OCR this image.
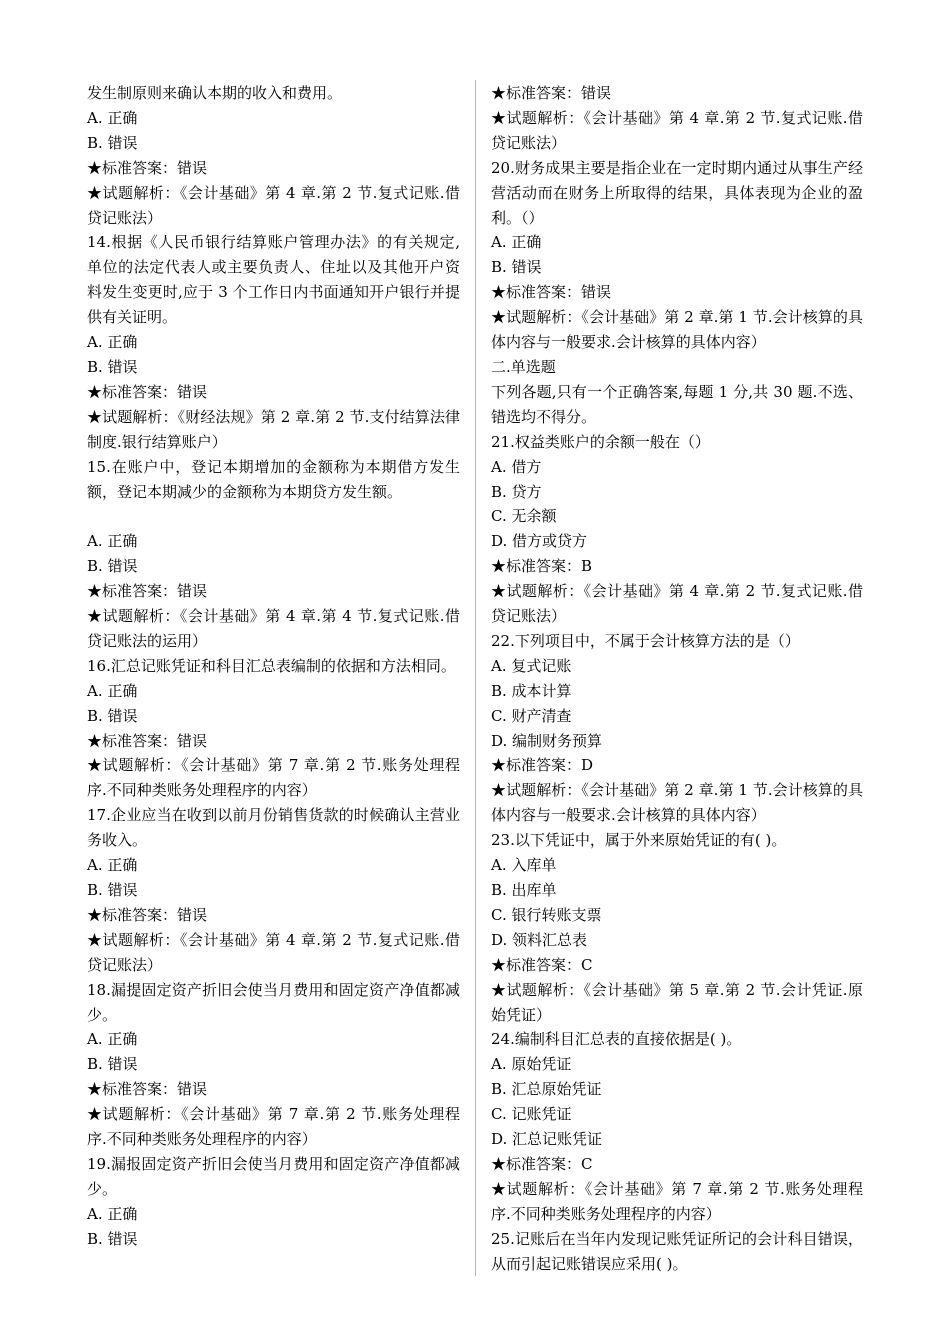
发生制原则来确认本期的收入和费用。
A. 正确
B. 错误
★标准答案：错误
★试题解析：《会计基础》第 4 章.第 2 节.复式记账.借贷记账法）
14.根据《人民币银行结算账户管理办法》的有关规定,单位的法定代表人或主要负责人、住址以及其他开户资料发生变更时,应于 3 个工作日内书面通知开户银行并提供有关证明。
A. 正确
B. 错误
★标准答案：错误
★试题解析：《财经法规》第 2 章.第 2 节.支付结算法律制度.银行结算账户）
15.在账户中，登记本期增加的金额称为本期借方发生额，登记本期减少的金额称为本期贷方发生额。
A. 正确
B. 错误
★标准答案：错误
★试题解析：《会计基础》第 4 章.第 4 节.复式记账.借贷记账法的运用）
16.汇总记账凭证和科目汇总表编制的依据和方法相同。
A. 正确
B. 错误
★标准答案：错误
★试题解析：《会计基础》第 7 章.第 2 节.账务处理程序.不同种类账务处理程序的内容）
17.企业应当在收到以前月份销售货款的时候确认主营业务收入。
A. 正确
B. 错误
★标准答案：错误
★试题解析：《会计基础》第 4 章.第 2 节.复式记账.借贷记账法）
18.漏提固定资产折旧会使当月费用和固定资产净值都减少。
A. 正确
B. 错误
★标准答案：错误
★试题解析：《会计基础》第 7 章.第 2 节.账务处理程序.不同种类账务处理程序的内容）
19.漏报固定资产折旧会使当月费用和固定资产净值都减少。
A. 正确
B. 错误
★标准答案：错误
★试题解析：《会计基础》第 4 章.第 2 节.复式记账.借贷记账法）
20.财务成果主要是指企业在一定时期内通过从事生产经营活动而在财务上所取得的结果，具体表现为企业的盈利。（）
A. 正确
B. 错误
★标准答案：错误
★试题解析：《会计基础》第 2 章.第 1 节.会计核算的具体内容与一般要求.会计核算的具体内容）
二.单选题
下列各题,只有一个正确答案,每题 1 分,共 30 题.不选、错选均不得分。
21.权益类账户的余额一般在（）
A. 借方
B. 贷方
C. 无余额
D. 借方或贷方
★标准答案：B
★试题解析：《会计基础》第 4 章.第 2 节.复式记账.借贷记账法）
22.下列项目中，不属于会计核算方法的是（）
A. 复式记账
B. 成本计算
C. 财产清查
D. 编制财务预算
★标准答案：D
★试题解析：《会计基础》第 2 章.第 1 节.会计核算的具体内容与一般要求.会计核算的具体内容）
23.以下凭证中，属于外来原始凭证的有( )。
A. 入库单
B. 出库单
C. 银行转账支票
D. 领料汇总表
★标准答案：C
★试题解析：《会计基础》第 5 章.第 2 节.会计凭证.原始凭证）
24.编制科目汇总表的直接依据是( )。
A. 原始凭证
B. 汇总原始凭证
C. 记账凭证
D. 汇总记账凭证
★标准答案：C
★试题解析：《会计基础》第 7 章.第 2 节.账务处理程序.不同种类账务处理程序的内容）
25.记账后在当年内发现记账凭证所记的会计科目错误，从而引起记账错误应采用( )。
